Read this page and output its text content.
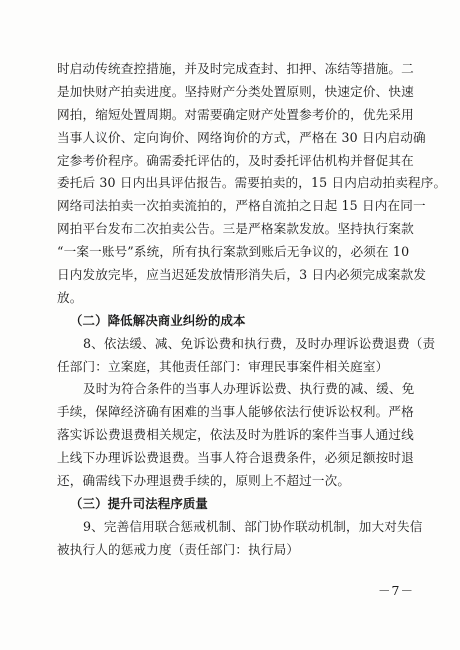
时启动传统查控措施，并及时完成查封、扣押、冻结等措施。二
是加快财产拍卖进度。坚持财产分类处置原则，快速定价、快速
网拍，缩短处置周期。对需要确定财产处置参考价的，优先采用
当事人议价、定向询价、网络询价的方式，严格在 30 日内启动确
定参考价程序。确需委托评估的，及时委托评估机构并督促其在
委托后 30 日内出具评估报告。需要拍卖的，15 日内启动拍卖程序。
网络司法拍卖一次拍卖流拍的，严格自流拍之日起 15 日内在同一
网拍平台发布二次拍卖公告。三是严格案款发放。坚持执行案款
“一案一账号”系统，所有执行案款到账后无争议的，必须在 10
日内发放完毕，应当迟延发放情形消失后，3 日内必须完成案款发
放。
（二）降低解决商业纠纷的成本
8、依法缓、减、免诉讼费和执行费，及时办理诉讼费退费（责
任部门：立案庭，其他责任部门：审理民事案件相关庭室）
及时为符合条件的当事人办理诉讼费、执行费的减、缓、免
手续，保障经济确有困难的当事人能够依法行使诉讼权利。严格
落实诉讼费退费相关规定，依法及时为胜诉的案件当事人通过线
上线下办理诉讼费退费。当事人符合退费条件，必须足额按时退
还，确需线下办理退费手续的，原则上不超过一次。
（三）提升司法程序质量
9、完善信用联合惩戒机制、部门协作联动机制，加大对失信
被执行人的惩戒力度（责任部门：执行局）
－7－
